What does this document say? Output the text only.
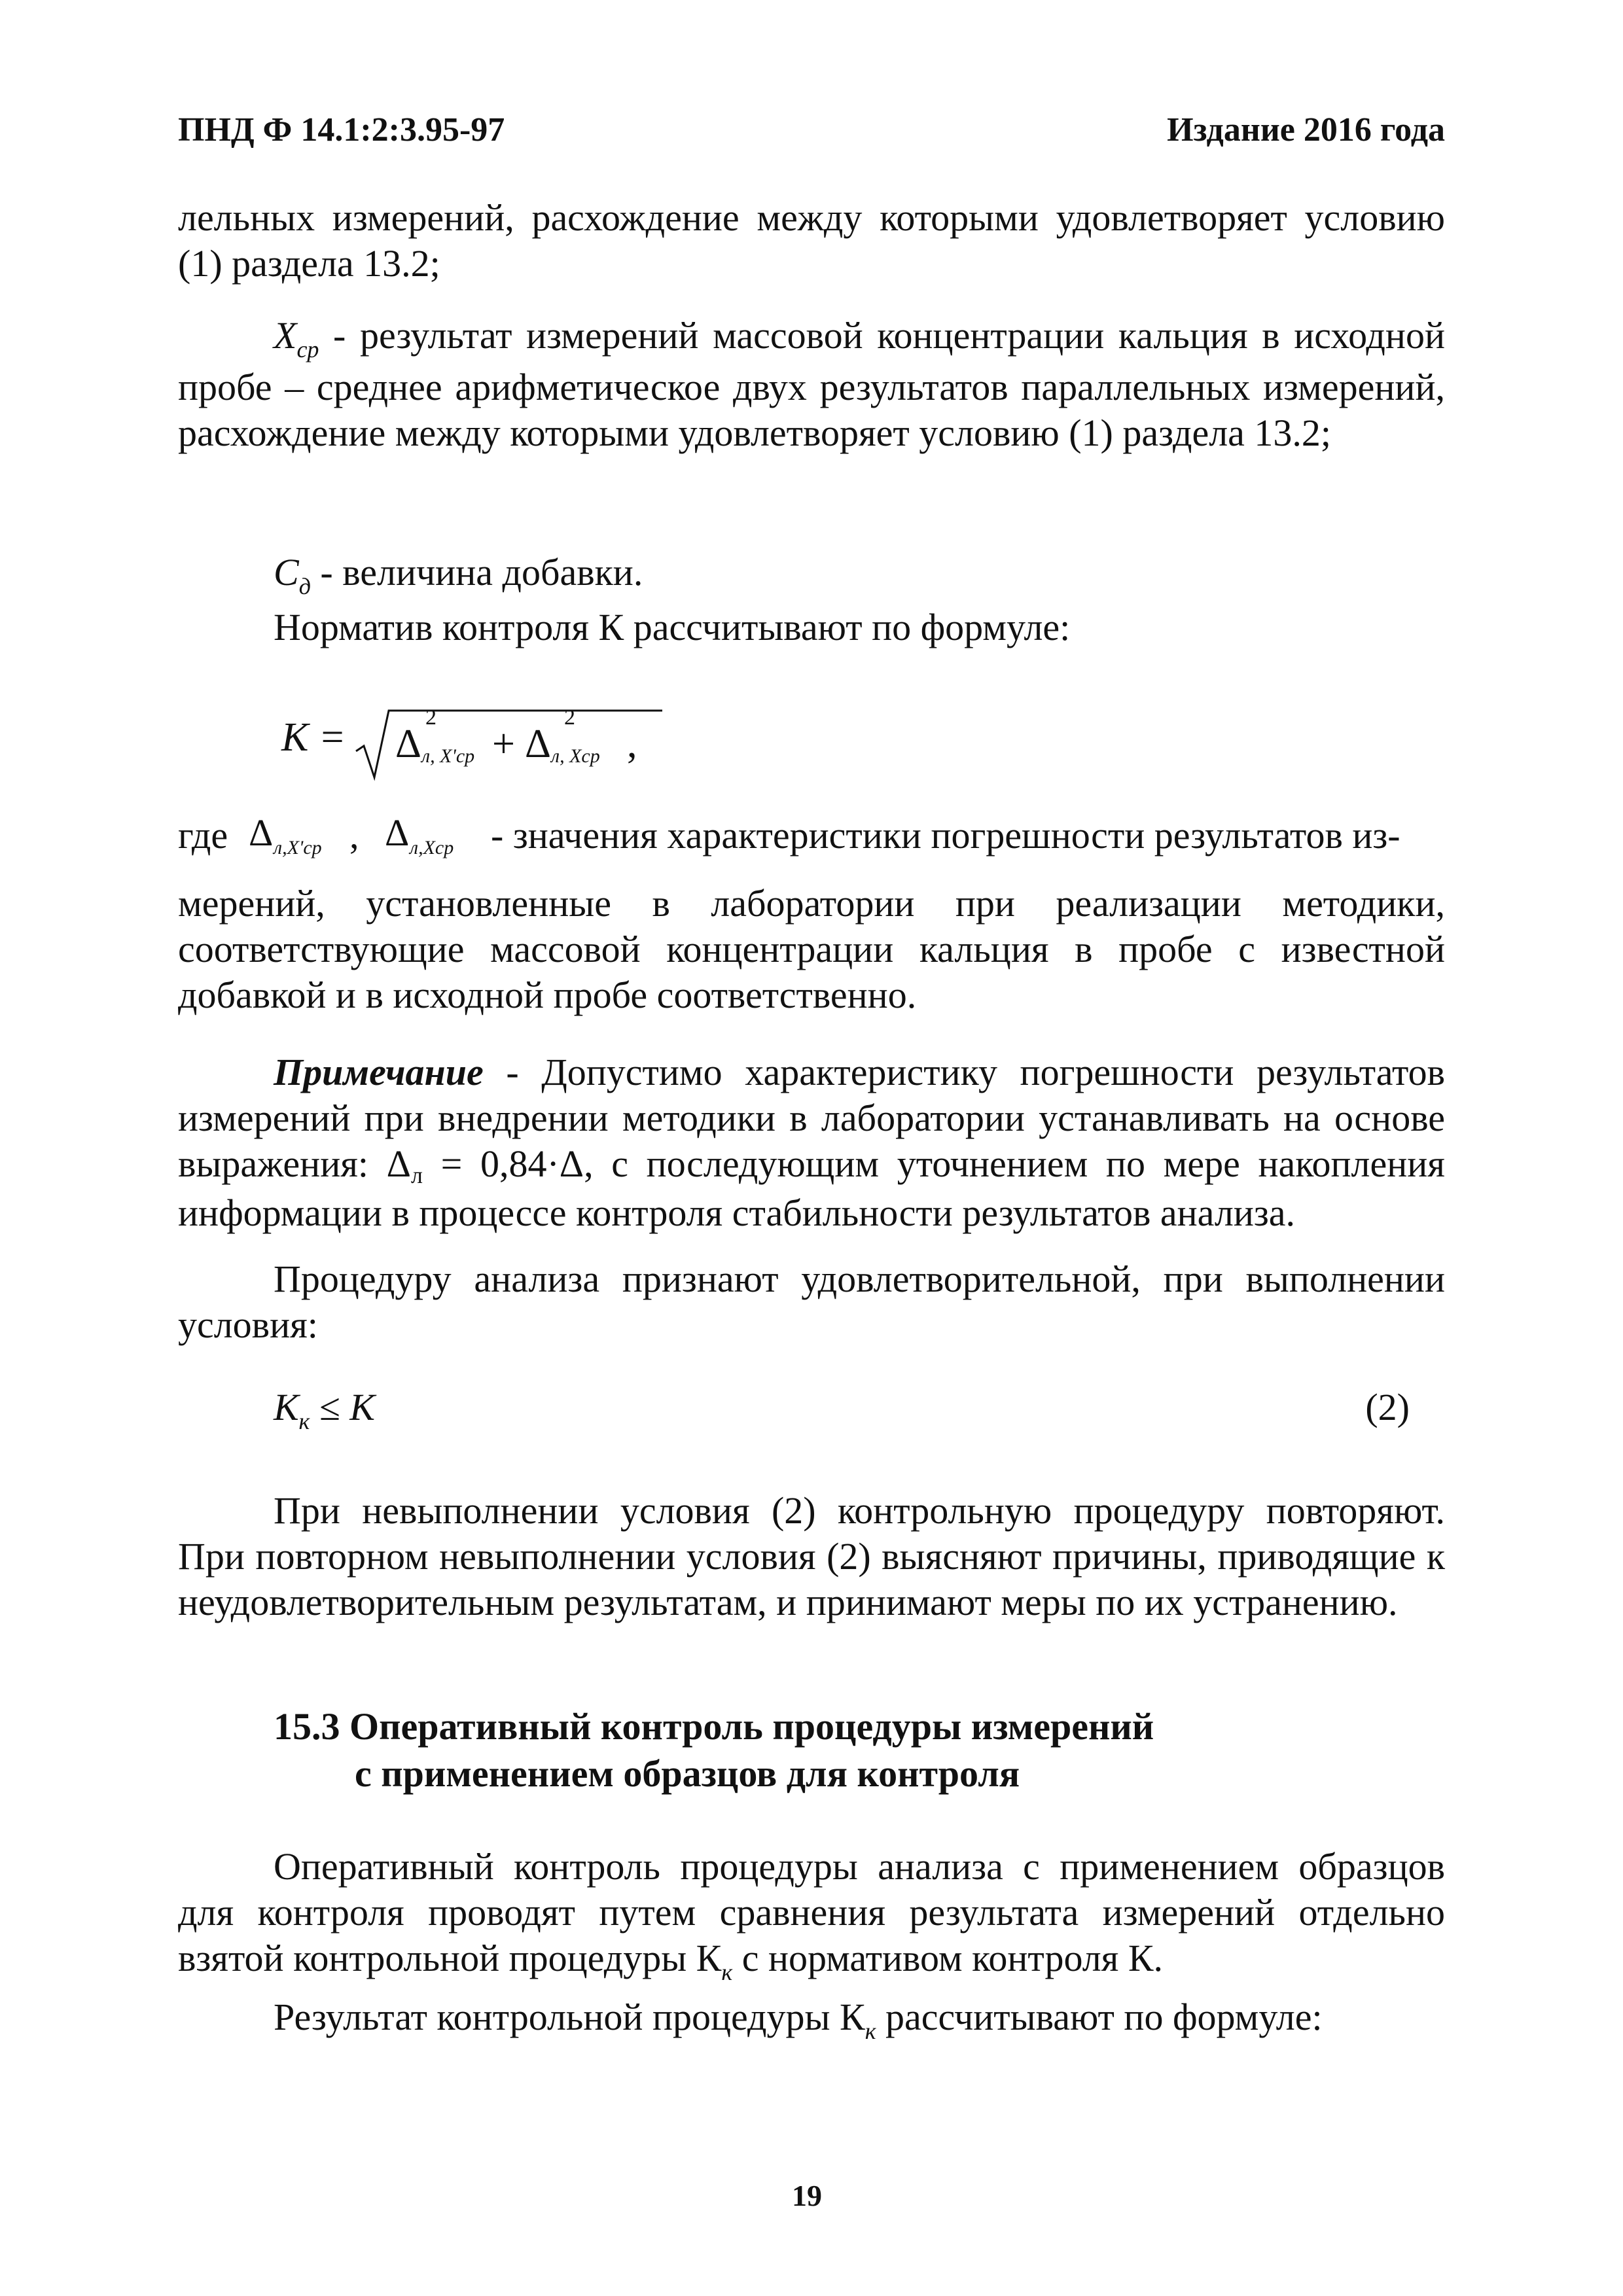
ПНД Ф 14.1:2:3.95-97	Издание 2016 года
лельных измерений, расхождение между которыми удовлетворяет условию (1) раздела 13.2;
$X_{ср}$ - результат измерений массовой концентрации кальция в исходной пробе – среднее арифметическое двух результатов параллельных измерений, расхождение между которыми удовлетворяет условию (1) раздела 13.2;
$C_д$ - величина добавки.
Норматив контроля К рассчитывают по формуле:
К = Δ
2
л, X'ср + Δ
2
л, Xср ,
где Δ л,X'ср , Δ л,Xср - значения характеристики погрешности результатов из-
мерений, установленные в лаборатории при реализации методики, соответствующие массовой концентрации кальция в пробе с известной добавкой и в исходной пробе соответственно.
Примечание - Допустимо характеристику погрешности результатов измерений при внедрении методики в лаборатории устанавливать на основе выражения: Δл = 0,84·Δ, с последующим уточнением по мере накопления информации в процессе контроля стабильности результатов анализа.
Процедуру анализа признают удовлетворительной, при выполнении условия:
$К_к \le К$	(2)
При невыполнении условия (2) контрольную процедуру повторяют. При повторном невыполнении условия (2) выясняют причины, приводящие к неудовлетворительным результатам, и принимают меры по их устранению.
15.3 Оперативный контроль процедуры измерений
с применением образцов для контроля
Оперативный контроль процедуры анализа с применением образцов для контроля проводят путем сравнения результата измерений отдельно взятой контрольной процедуры $К_к$ с нормативом контроля К.
Результат контрольной процедуры $К_к$ рассчитывают по формуле:
19
